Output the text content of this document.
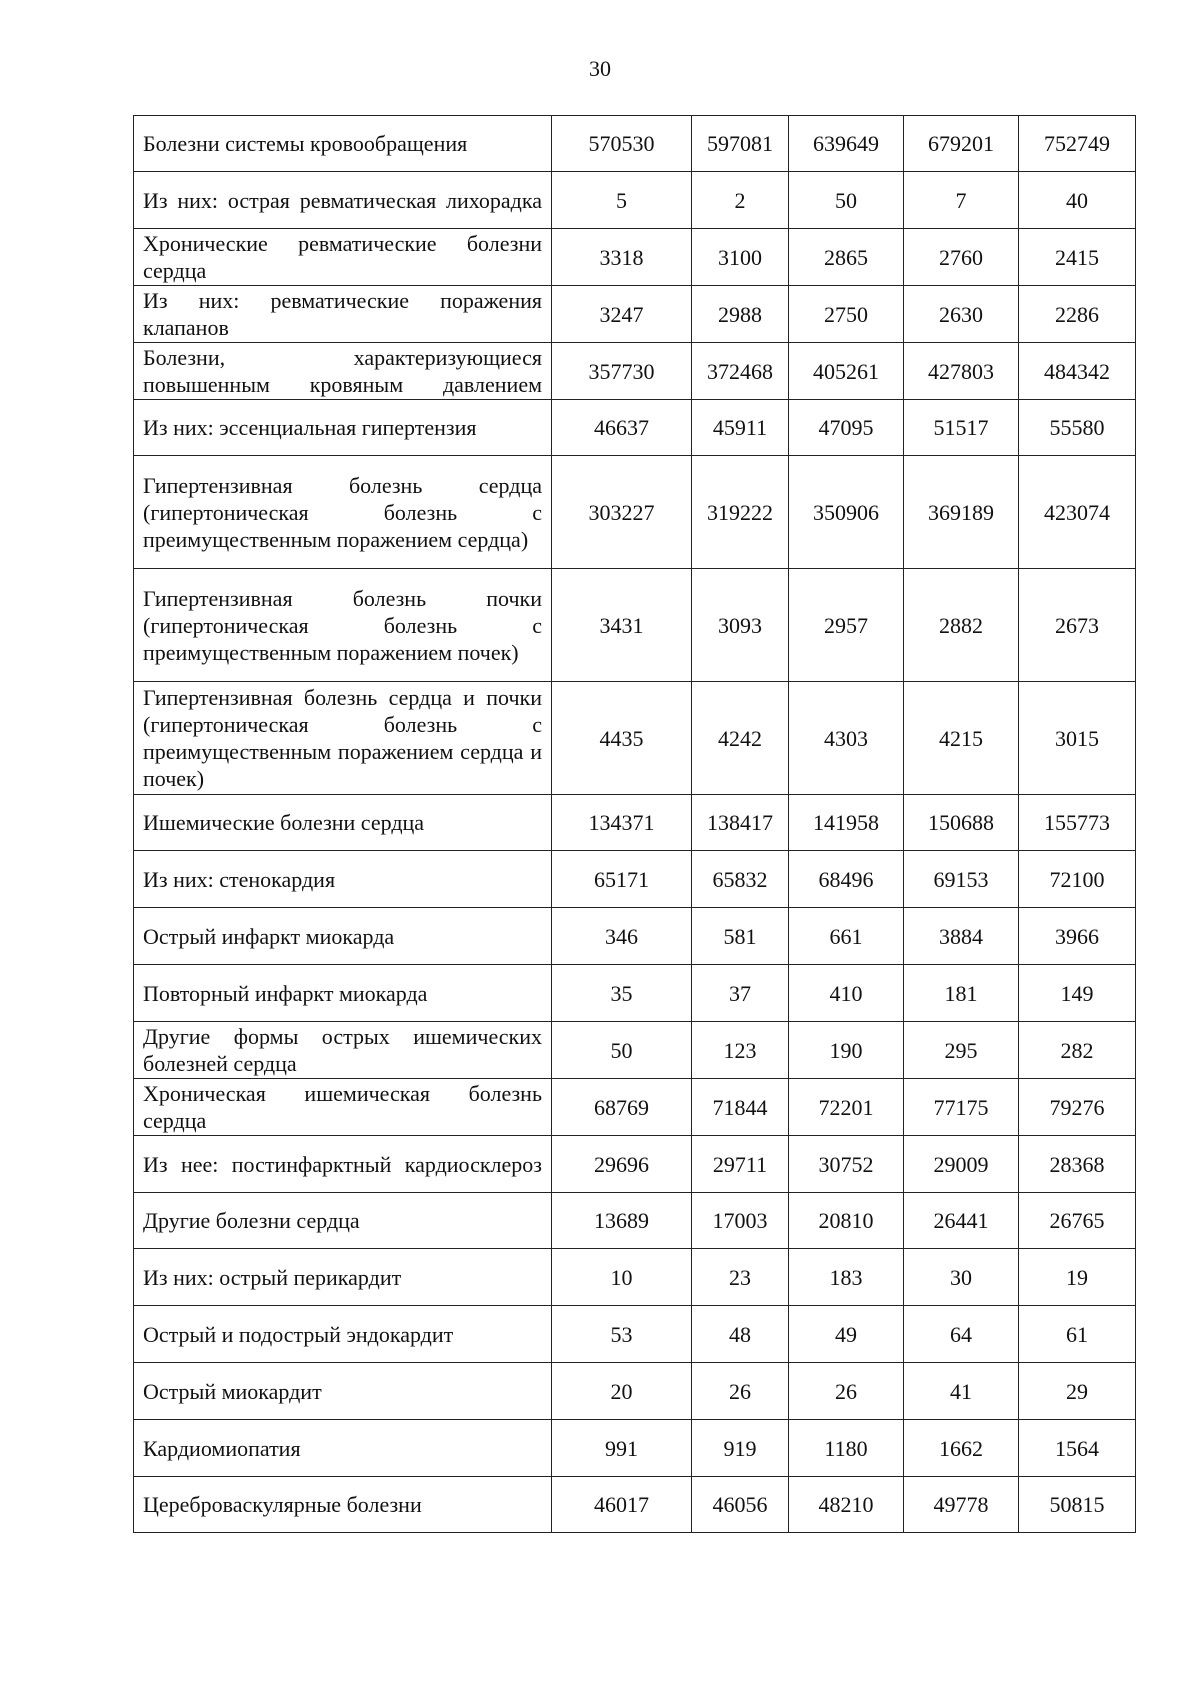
30
Болезни системы кровообращения	570530	597081	639649	679201	752749
Из них: острая ревматическая лихорадка	5	2	50	7	40
Хронические ревматические болезни сердца	3318	3100	2865	2760	2415
Из них: ревматические поражения клапанов	3247	2988	2750	2630	2286
Болезни, характеризующиеся повышенным кровяным давлением	357730	372468	405261	427803	484342
Из них: эссенциальная гипертензия	46637	45911	47095	51517	55580
Гипертензивная болезнь сердца (гипертоническая болезнь с преимущественным поражением сердца)	303227	319222	350906	369189	423074
Гипертензивная болезнь почки (гипертоническая болезнь с преимущественным поражением почек)	3431	3093	2957	2882	2673
Гипертензивная болезнь сердца и почки (гипертоническая болезнь с преимущественным поражением сердца и почек)	4435	4242	4303	4215	3015
Ишемические болезни сердца	134371	138417	141958	150688	155773
Из них: стенокардия	65171	65832	68496	69153	72100
Острый инфаркт миокарда	346	581	661	3884	3966
Повторный инфаркт миокарда	35	37	410	181	149
Другие формы острых ишемических болезней сердца	50	123	190	295	282
Хроническая ишемическая болезнь сердца	68769	71844	72201	77175	79276
Из нее: постинфарктный кардиосклероз	29696	29711	30752	29009	28368
Другие болезни сердца	13689	17003	20810	26441	26765
Из них: острый перикардит	10	23	183	30	19
Острый и подострый эндокардит	53	48	49	64	61
Острый миокардит	20	26	26	41	29
Кардиомиопатия	991	919	1180	1662	1564
Цереброваскулярные болезни	46017	46056	48210	49778	50815
